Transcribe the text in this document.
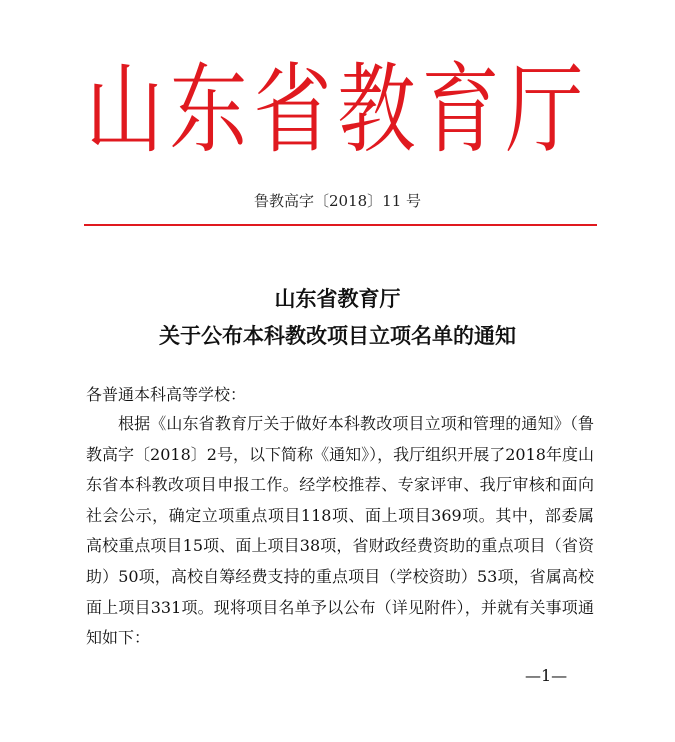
山东省教育厅
鲁教高字〔2018〕11 号
山东省教育厅
关于公布本科教改项目立项名单的通知
各普通本科高等学校：

根据《山东省教育厅关于做好本科教改项目立项和管理的通知》（鲁教高字〔2018〕2号，以下简称《通知》），我厅组织开展了2018年度山东省本科教改项目申报工作。经学校推荐、专家评审、我厅审核和面向社会公示，确定立项重点项目118项、面上项目369项。其中，部委属高校重点项目15项、面上项目38项，省财政经费资助的重点项目（省资助）50项，高校自筹经费支持的重点项目（学校资助）53项，省属高校面上项目331项。现将项目名单予以公布（详见附件），并就有关事项通知如下：

—1—
